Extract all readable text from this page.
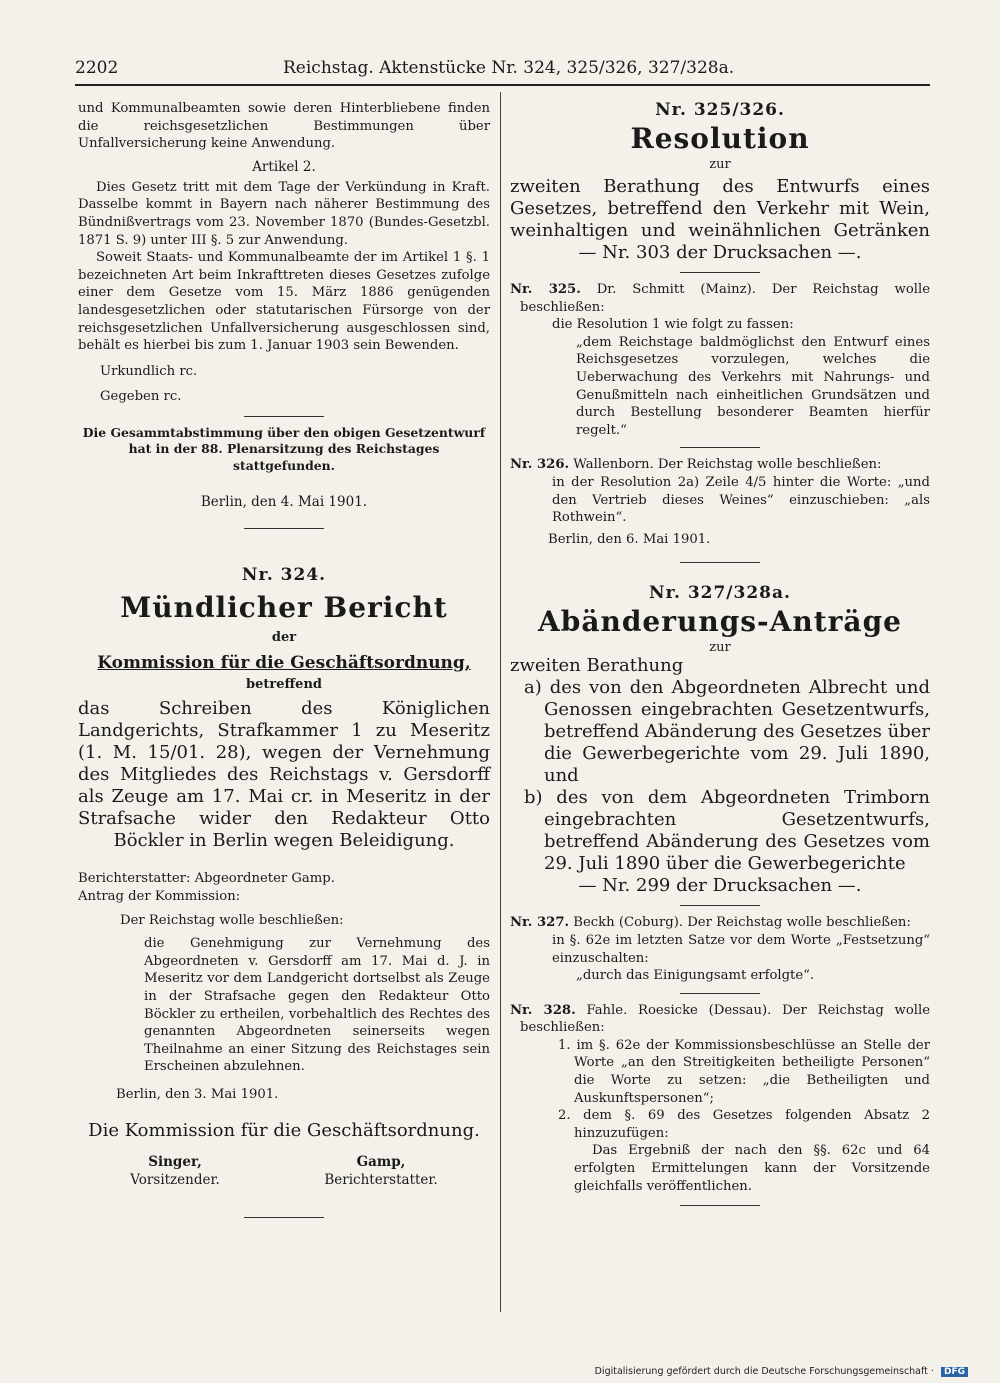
2202	Reichstag. Aktenstücke Nr. 324, 325/326, 327/328a.

und Kommunalbeamten sowie deren Hinterbliebene finden die reichsgesetzlichen Bestimmungen über Unfallversicherung keine Anwendung.

Artikel 2.

Dies Gesetz tritt mit dem Tage der Verkündung in Kraft. Dasselbe kommt in Bayern nach näherer Bestimmung des Bündnißvertrags vom 23. November 1870 (Bundes-Gesetzbl. 1871 S. 9) unter III §. 5 zur Anwendung.

Soweit Staats- und Kommunalbeamte der im Artikel 1 §. 1 bezeichneten Art beim Inkrafttreten dieses Gesetzes zufolge einer dem Gesetze vom 15. März 1886 genügenden landesgesetzlichen oder statutarischen Fürsorge von der reichsgesetzlichen Unfallversicherung ausgeschlossen sind, behält es hierbei bis zum 1. Januar 1903 sein Bewenden.

Urkundlich rc.

Gegeben rc.

Die Gesammtabstimmung über den obigen Gesetzentwurf hat in der 88. Plenarsitzung des Reichstages stattgefunden.

Berlin, den 4. Mai 1901.

Nr. 324.

Mündlicher Bericht

der

Kommission für die Geschäftsordnung,

betreffend

das Schreiben des Königlichen Landgerichts, Strafkammer 1 zu Meseritz (1. M. 15/01. 28), wegen der Vernehmung des Mitgliedes des Reichstags v. Gersdorff als Zeuge am 17. Mai cr. in Meseritz in der Strafsache wider den Redakteur Otto Böckler in Berlin wegen Beleidigung.

Berichterstatter: Abgeordneter Gamp.

Antrag der Kommission:

Der Reichstag wolle beschließen:

die Genehmigung zur Vernehmung des Abgeordneten v. Gersdorff am 17. Mai d. J. in Meseritz vor dem Landgericht dortselbst als Zeuge in der Strafsache gegen den Redakteur Otto Böckler zu ertheilen, vorbehaltlich des Rechtes des genannten Abgeordneten seinerseits wegen Theilnahme an einer Sitzung des Reichstages sein Erscheinen abzulehnen.

Berlin, den 3. Mai 1901.

Die Kommission für die Geschäftsordnung.

Singer,
Vorsitzender.
Gamp,
Berichterstatter.

Nr. 325/326.

Resolution

zur

zweiten Berathung des Entwurfs eines Gesetzes, betreffend den Verkehr mit Wein, weinhaltigen und weinähnlichen Getränken — Nr. 303 der Drucksachen —.

Nr. 325. Dr. Schmitt (Mainz). Der Reichstag wolle beschließen:

die Resolution 1 wie folgt zu fassen:

„dem Reichstage baldmöglichst den Entwurf eines Reichsgesetzes vorzulegen, welches die Ueberwachung des Verkehrs mit Nahrungs- und Genußmitteln nach einheitlichen Grundsätzen und durch Bestellung besonderer Beamten hierfür regelt.“

Nr. 326. Wallenborn. Der Reichstag wolle beschließen:

in der Resolution 2a) Zeile 4/5 hinter die Worte: „und den Vertrieb dieses Weines“ einzuschieben: „als Rothwein“.

Berlin, den 6. Mai 1901.

Nr. 327/328a.

Abänderungs-Anträge

zur

zweiten Berathung

a) des von den Abgeordneten Albrecht und Genossen eingebrachten Gesetzentwurfs, betreffend Abänderung des Gesetzes über die Gewerbegerichte vom 29. Juli 1890, und

b) des von dem Abgeordneten Trimborn eingebrachten Gesetzentwurfs, betreffend Abänderung des Gesetzes vom 29. Juli 1890 über die Gewerbegerichte

— Nr. 299 der Drucksachen —.

Nr. 327. Beckh (Coburg). Der Reichstag wolle beschließen:

in §. 62e im letzten Satze vor dem Worte „Festsetzung“ einzuschalten:

„durch das Einigungsamt erfolgte“.

Nr. 328. Fahle. Roesicke (Dessau). Der Reichstag wolle beschließen:

1. im §. 62e der Kommissionsbeschlüsse an Stelle der Worte „an den Streitigkeiten betheiligte Personen“ die Worte zu setzen: „die Betheiligten und Auskunftspersonen“;

2. dem §. 69 des Gesetzes folgenden Absatz 2 hinzuzufügen:

Das Ergebniß der nach den §§. 62c und 64 erfolgten Ermittelungen kann der Vorsitzende gleichfalls veröffentlichen.

Digitalisierung gefördert durch die Deutsche Forschungsgemeinschaft · DFG
